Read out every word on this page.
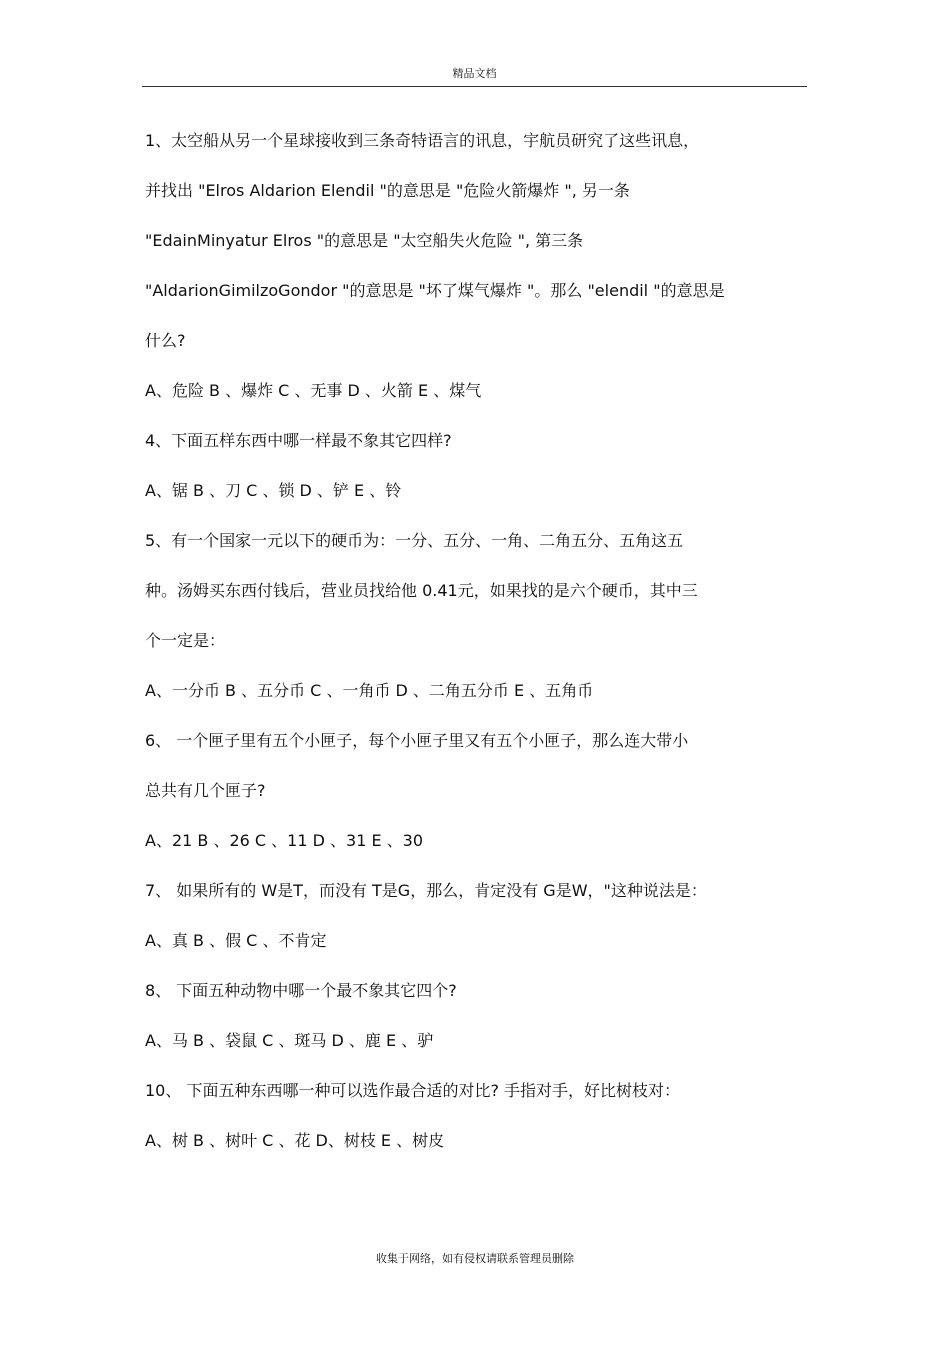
精品文档
1、太空船从另一个星球接收到三条奇特语言的讯息，宇航员研究了这些讯息，
并找出 "Elros Aldarion Elendil "的意思是 "危险火箭爆炸 ", 另一条
"EdainMinyatur Elros "的意思是 "太空船失火危险 ", 第三条
"AldarionGimilzoGondor "的意思是 "坏了煤气爆炸 "。那么 "elendil "的意思是
什么?
A、危险 B 、爆炸 C 、无事 D 、火箭 E 、煤气
4、下面五样东西中哪一样最不象其它四样?
A、锯 B 、刀 C 、锁 D 、铲 E 、铃
5、有一个国家一元以下的硬币为：一分、五分、一角、二角五分、五角这五
种。汤姆买东西付钱后，营业员找给他 0.41元，如果找的是六个硬币，其中三
个一定是：
A、一分币 B 、五分币 C 、一角币 D 、二角五分币 E 、五角币
6、 一个匣子里有五个小匣子，每个小匣子里又有五个小匣子，那么连大带小
总共有几个匣子?
A、21 B 、26 C 、11 D 、31 E 、30
7、 如果所有的 W是T，而没有 T是G，那么，肯定没有 G是W，"这种说法是：
A、真 B 、假 C 、不肯定
8、 下面五种动物中哪一个最不象其它四个?
A、马 B 、袋鼠 C 、斑马 D 、鹿 E 、驴
10、 下面五种东西哪一种可以选作最合适的对比? 手指对手，好比树枝对：
A、树 B 、树叶 C 、花 D、树枝 E 、树皮
收集于网络，如有侵权请联系管理员删除
